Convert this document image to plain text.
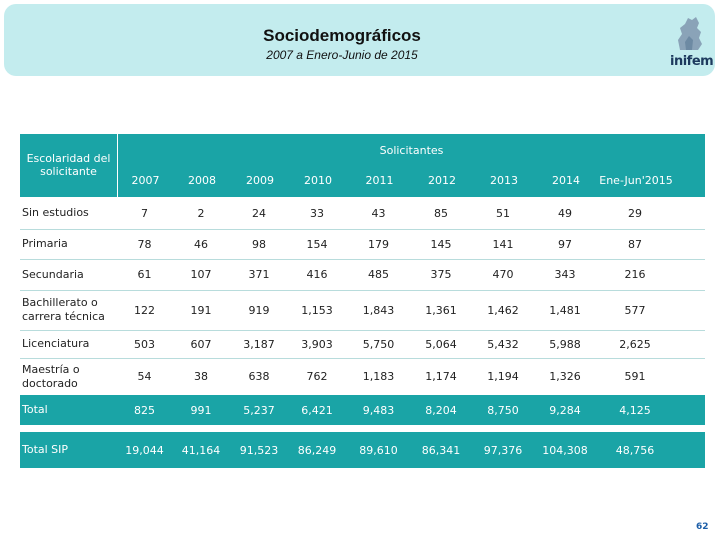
Sociodemográficos
2007 a Enero-Junio de 2015	inifem
Escolaridad del solicitante
Solicitantes
2007	2008	2009	2010	2011	2012	2013	2014	Ene-Jun'2015
Sin estudios	7	2	24	33	43	85	51	49	29
Primaria	78	46	98	154	179	145	141	97	87
Secundaria	61	107	371	416	485	375	470	343	216
Bachillerato o carrera técnica	122	191	919	1,153	1,843	1,361	1,462	1,481	577
Licenciatura	503	607	3,187	3,903	5,750	5,064	5,432	5,988	2,625
Maestría o doctorado	54	38	638	762	1,183	1,174	1,194	1,326	591
Total	825	991	5,237	6,421	9,483	8,204	8,750	9,284	4,125
Total SIP	19,044	41,164	91,523	86,249	89,610	86,341	97,376	104,308	48,756
62
